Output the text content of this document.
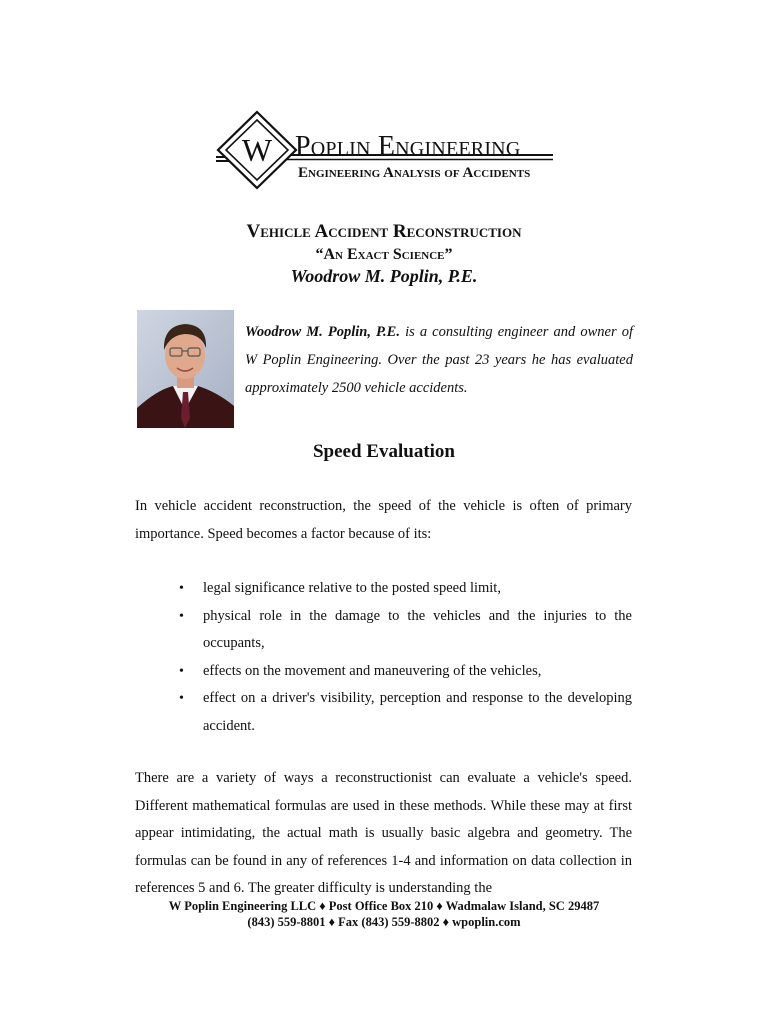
W Poplin Engineering
Engineering Analysis of Accidents
Vehicle Accident Reconstruction
“An Exact Science”
Woodrow M. Poplin, P.E.
Woodrow M. Poplin, P.E. is a consulting engineer and owner of W Poplin Engineering. Over the past 23 years he has evaluated approximately 2500 vehicle accidents.
Speed Evaluation
In vehicle accident reconstruction, the speed of the vehicle is often of primary importance. Speed becomes a factor because of its:
• legal significance relative to the posted speed limit,
• physical role in the damage to the vehicles and the injuries to the occupants,
• effects on the movement and maneuvering of the vehicles,
• effect on a driver's visibility, perception and response to the developing accident.
There are a variety of ways a reconstructionist can evaluate a vehicle's speed. Different mathematical formulas are used in these methods. While these may at first appear intimidating, the actual math is usually basic algebra and geometry. The formulas can be found in any of references 1-4 and information on data collection in references 5 and 6. The greater difficulty is understanding the
W Poplin Engineering LLC ♦ Post Office Box 210 ♦ Wadmalaw Island, SC 29487
(843) 559-8801 ♦ Fax (843) 559-8802 ♦ wpoplin.com
